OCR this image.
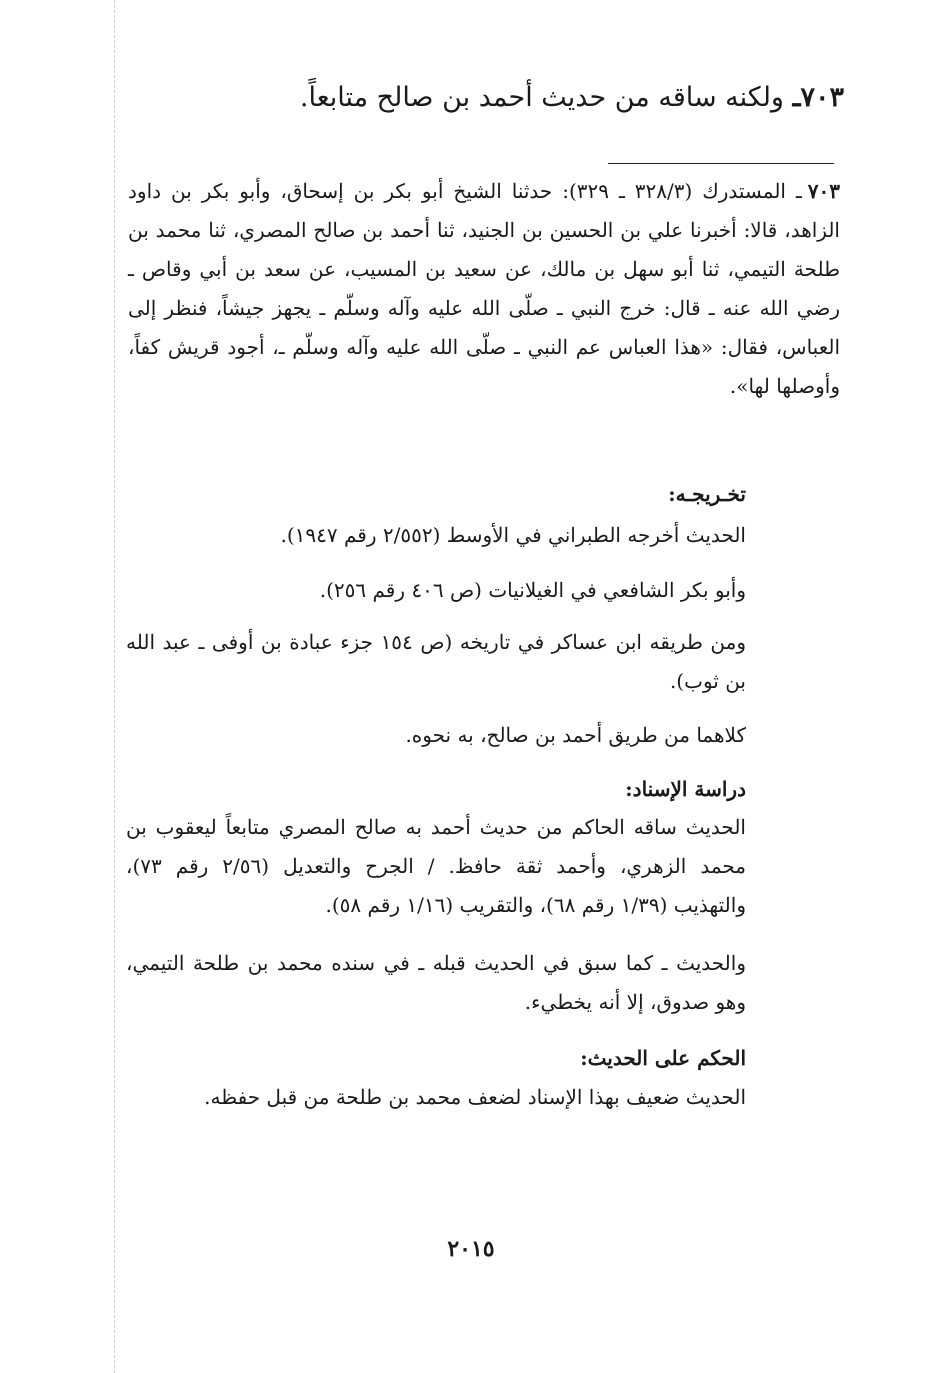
٧٠٣ـ ولكنه ساقه من حديث أحمد بن صالح متابعاً.

٧٠٣ـ المستدرك (٣٢٨/٣ ـ ٣٢٩): حدثنا الشيخ أبو بكر بن إسحاق، وأبو بكر بن داود الزاهد، قالا: أخبرنا علي بن الحسين بن الجنيد، ثنا أحمد بن صالح المصري، ثنا محمد بن طلحة التيمي، ثنا أبو سهل بن مالك، عن سعيد بن المسيب، عن سعد بن أبي وقاص ـ رضي الله عنه ـ قال: خرج النبي ـ صلّى الله عليه وآله وسلّم ـ يجهز جيشاً، فنظر إلى العباس، فقال: «هذا العباس عم النبي ـ صلّى الله عليه وآله وسلّم ـ، أجود قريش كفاً، وأوصلها لها».

تخـريجـه:

الحديث أخرجه الطبراني في الأوسط (٢/٥٥٢ رقم ١٩٤٧).

وأبو بكر الشافعي في الغيلانيات (ص ٤٠٦ رقم ٢٥٦).

ومن طريقه ابن عساكر في تاريخه (ص ١٥٤ جزء عبادة بن أوفى ـ عبد الله بن ثوب).

كلاهما من طريق أحمد بن صالح، به نحوه.

دراسة الإسناد:

الحديث ساقه الحاكم من حديث أحمد به صالح المصري متابعاً ليعقوب بن محمد الزهري، وأحمد ثقة حافظ. / الجرح والتعديل (٢/٥٦ رقم ٧٣)، والتهذيب (١/٣٩ رقم ٦٨)، والتقريب (١/١٦ رقم ٥٨).

والحديث ـ كما سبق في الحديث قبله ـ في سنده محمد بن طلحة التيمي، وهو صدوق، إلا أنه يخطيء.

الحكم على الحديث:

الحديث ضعيف بهذا الإسناد لضعف محمد بن طلحة من قبل حفظه.

٢٠١٥
